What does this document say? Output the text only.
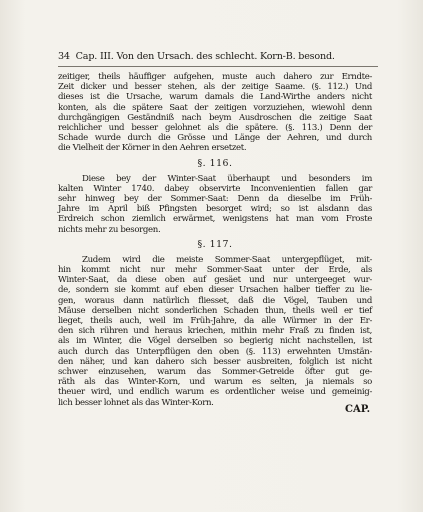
34 Cap. III. Von den Ursach. des schlecht. Korn-B. besond.
zeitiger, theils häuffiger aufgehen, muste auch dahero zur Erndte-
Zeit dicker und besser stehen, als der zeitige Saame. (§. 112.) Und
dieses ist die Ursache, warum damals die Land-Wirthe anders nicht
konten, als die spätere Saat der zeitigen vorzuziehen, wiewohl denn
durchgängigen Geständniß nach beym Ausdroschen die zeitige Saat
reichlicher und besser gelohnet als die spätere. (§. 113.) Denn der
Schade wurde durch die Grösse und Länge der Aehren, und durch
die Vielheit der Körner in den Aehren ersetzet.
§. 116.
Diese bey der Winter-Saat überhaupt und besonders im
kalten Winter 1740. dabey observirte Inconvenientien fallen gar
sehr hinweg bey der Sommer-Saat: Denn da dieselbe im Früh-
Jahre im April biß Pfingsten besorget wird; so ist alsdann das
Erdreich schon ziemlich erwärmet, wenigstens hat man vom Froste
nichts mehr zu besorgen.
§. 117.
Zudem wird die meiste Sommer-Saat untergepflüget, mit-
hin kommt nicht nur mehr Sommer-Saat unter der Erde, als
Winter-Saat, da diese oben auf gesäet und nur untergeeget wur-
de, sondern sie kommt auf eben dieser Ursachen halber tieffer zu lie-
gen, woraus dann natürlich fliesset, daß die Vögel, Tauben und
Mäuse derselben nicht sonderlichen Schaden thun, theils weil er tief
lieget, theils auch, weil im Früh-Jahre, da alle Würmer in der Er-
den sich rühren und heraus kriechen, mithin mehr Fraß zu finden ist,
als im Winter, die Vögel derselben so begierig nicht nachstellen, ist
auch durch das Unterpflügen den oben (§. 113) erwehnten Umstän-
den näher, und kan dahero sich besser ausbreiten, folglich ist nicht
schwer einzusehen, warum das Sommer-Getreide öfter gut ge-
räth als das Winter-Korn, und warum es selten, ja niemals so
theuer wird, und endlich warum es ordentlicher weise und gemeinig-
lich besser lohnet als das Winter-Korn.
CAP.
